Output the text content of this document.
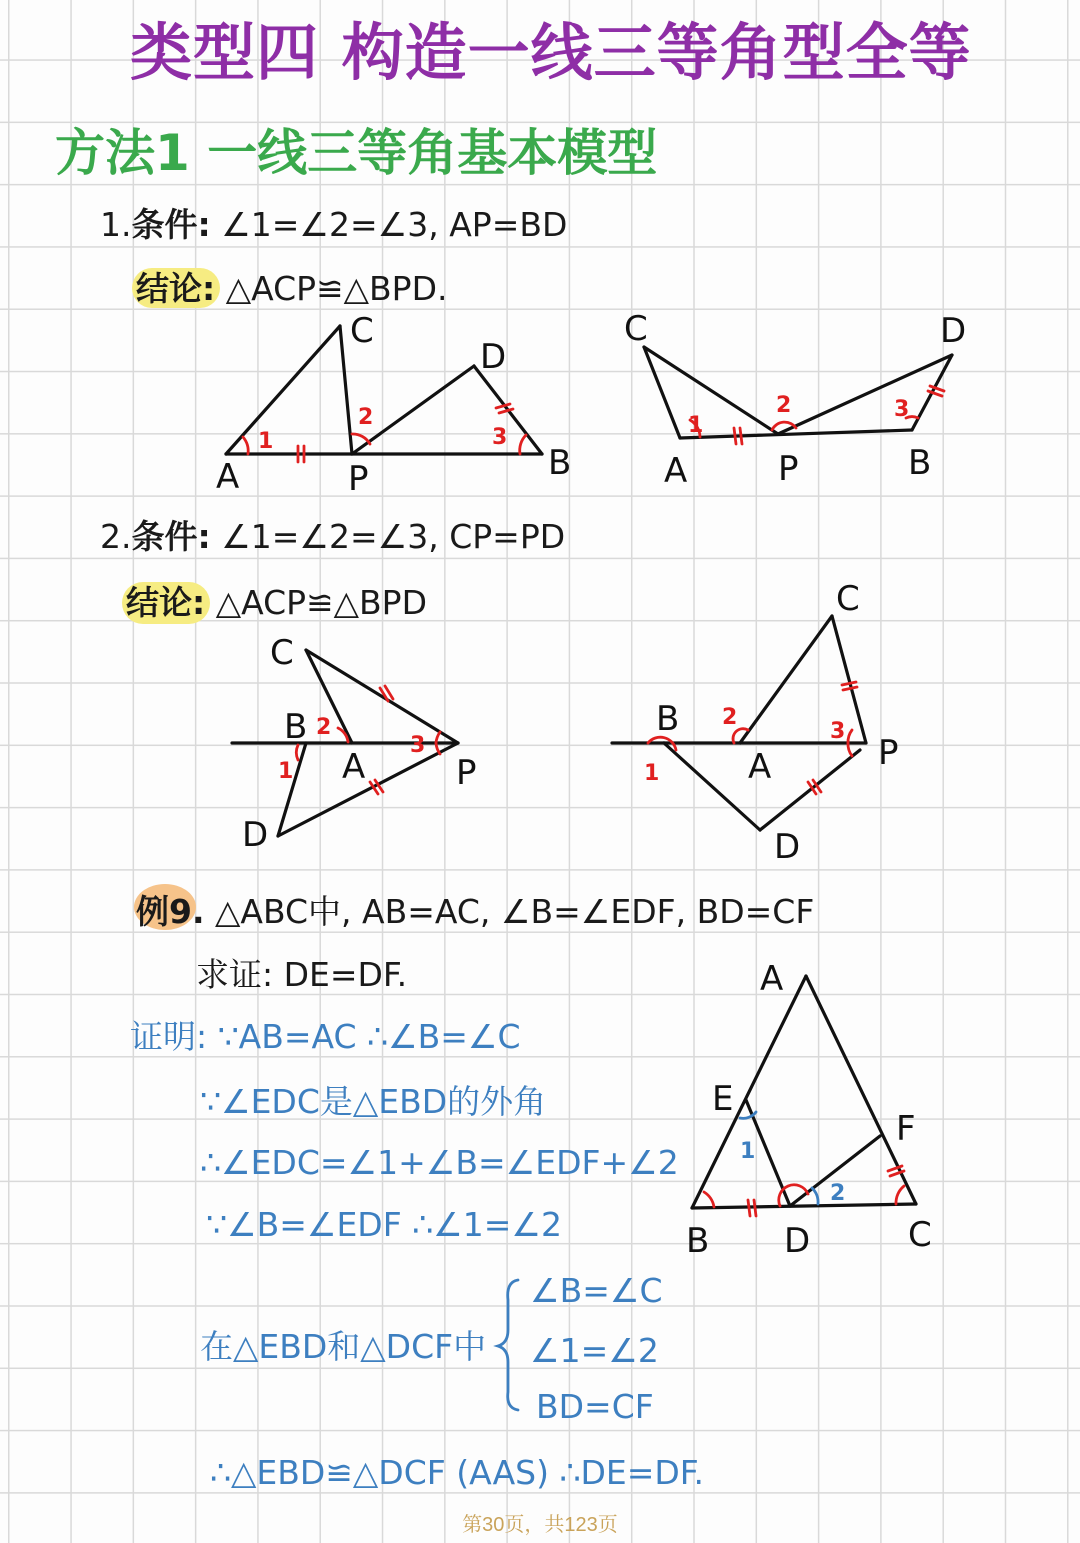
类型四 构造一线三等角型全等
方法1 一线三等角基本模型
1.条件: ∠1=∠2=∠3, AP=BD
结论: △ACP≌△BPD.
2.条件: ∠1=∠2=∠3, CP=PD
结论: △ACP≌△BPD
例9. △ABC中, AB=AC, ∠B=∠EDF, BD=CF
求证: DE=DF.
证明: ∵AB=AC ∴∠B=∠C
∵∠EDC是△EBD的外角
∴∠EDC=∠1+∠B=∠EDF+∠2
∵∠B=∠EDF ∴∠1=∠2
在△EBD和△DCF中
∠B=∠C
∠1=∠2
BD=CF
∴△EBD≌△DCF (AAS) ∴DE=DF.
第30页，共123页
A	P	B
C
D
1
2
3
A	P	B
C	D
1
2	3
B
A	P
C
D
1
2
3
B
A	P
C
D
1
2
3
A
E
F
B D	C
1
2
